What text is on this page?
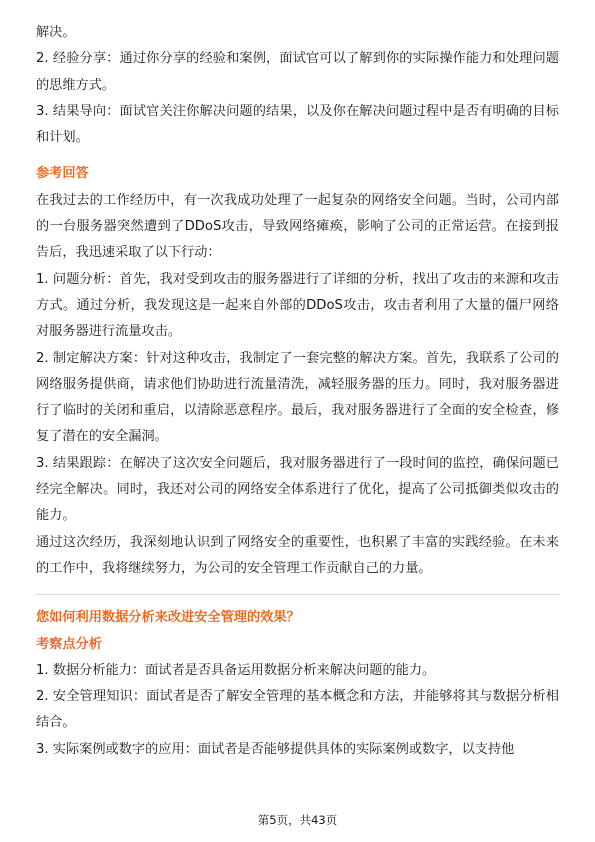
解决。

2. 经验分享：通过你分享的经验和案例，面试官可以了解到你的实际操作能力和处理问题的思维方式。

3. 结果导向：面试官关注你解决问题的结果，以及你在解决问题过程中是否有明确的目标和计划。

参考回答

在我过去的工作经历中，有一次我成功处理了一起复杂的网络安全问题。当时，公司内部的一台服务器突然遭到了DDoS攻击，导致网络瘫痪，影响了公司的正常运营。在接到报告后，我迅速采取了以下行动：

1. 问题分析：首先，我对受到攻击的服务器进行了详细的分析，找出了攻击的来源和攻击方式。通过分析，我发现这是一起来自外部的DDoS攻击，攻击者利用了大量的僵尸网络对服务器进行流量攻击。

2. 制定解决方案：针对这种攻击，我制定了一套完整的解决方案。首先，我联系了公司的网络服务提供商，请求他们协助进行流量清洗，减轻服务器的压力。同时，我对服务器进行了临时的关闭和重启，以清除恶意程序。最后，我对服务器进行了全面的安全检查，修复了潜在的安全漏洞。

3. 结果跟踪：在解决了这次安全问题后，我对服务器进行了一段时间的监控，确保问题已经完全解决。同时，我还对公司的网络安全体系进行了优化，提高了公司抵御类似攻击的能力。

通过这次经历，我深刻地认识到了网络安全的重要性，也积累了丰富的实践经验。在未来的工作中，我将继续努力，为公司的安全管理工作贡献自己的力量。

您如何利用数据分析来改进安全管理的效果？

考察点分析

1. 数据分析能力：面试者是否具备运用数据分析来解决问题的能力。

2. 安全管理知识：面试者是否了解安全管理的基本概念和方法，并能够将其与数据分析相结合。

3. 实际案例或数字的应用：面试者是否能够提供具体的实际案例或数字，以支持他

第5页，共43页
